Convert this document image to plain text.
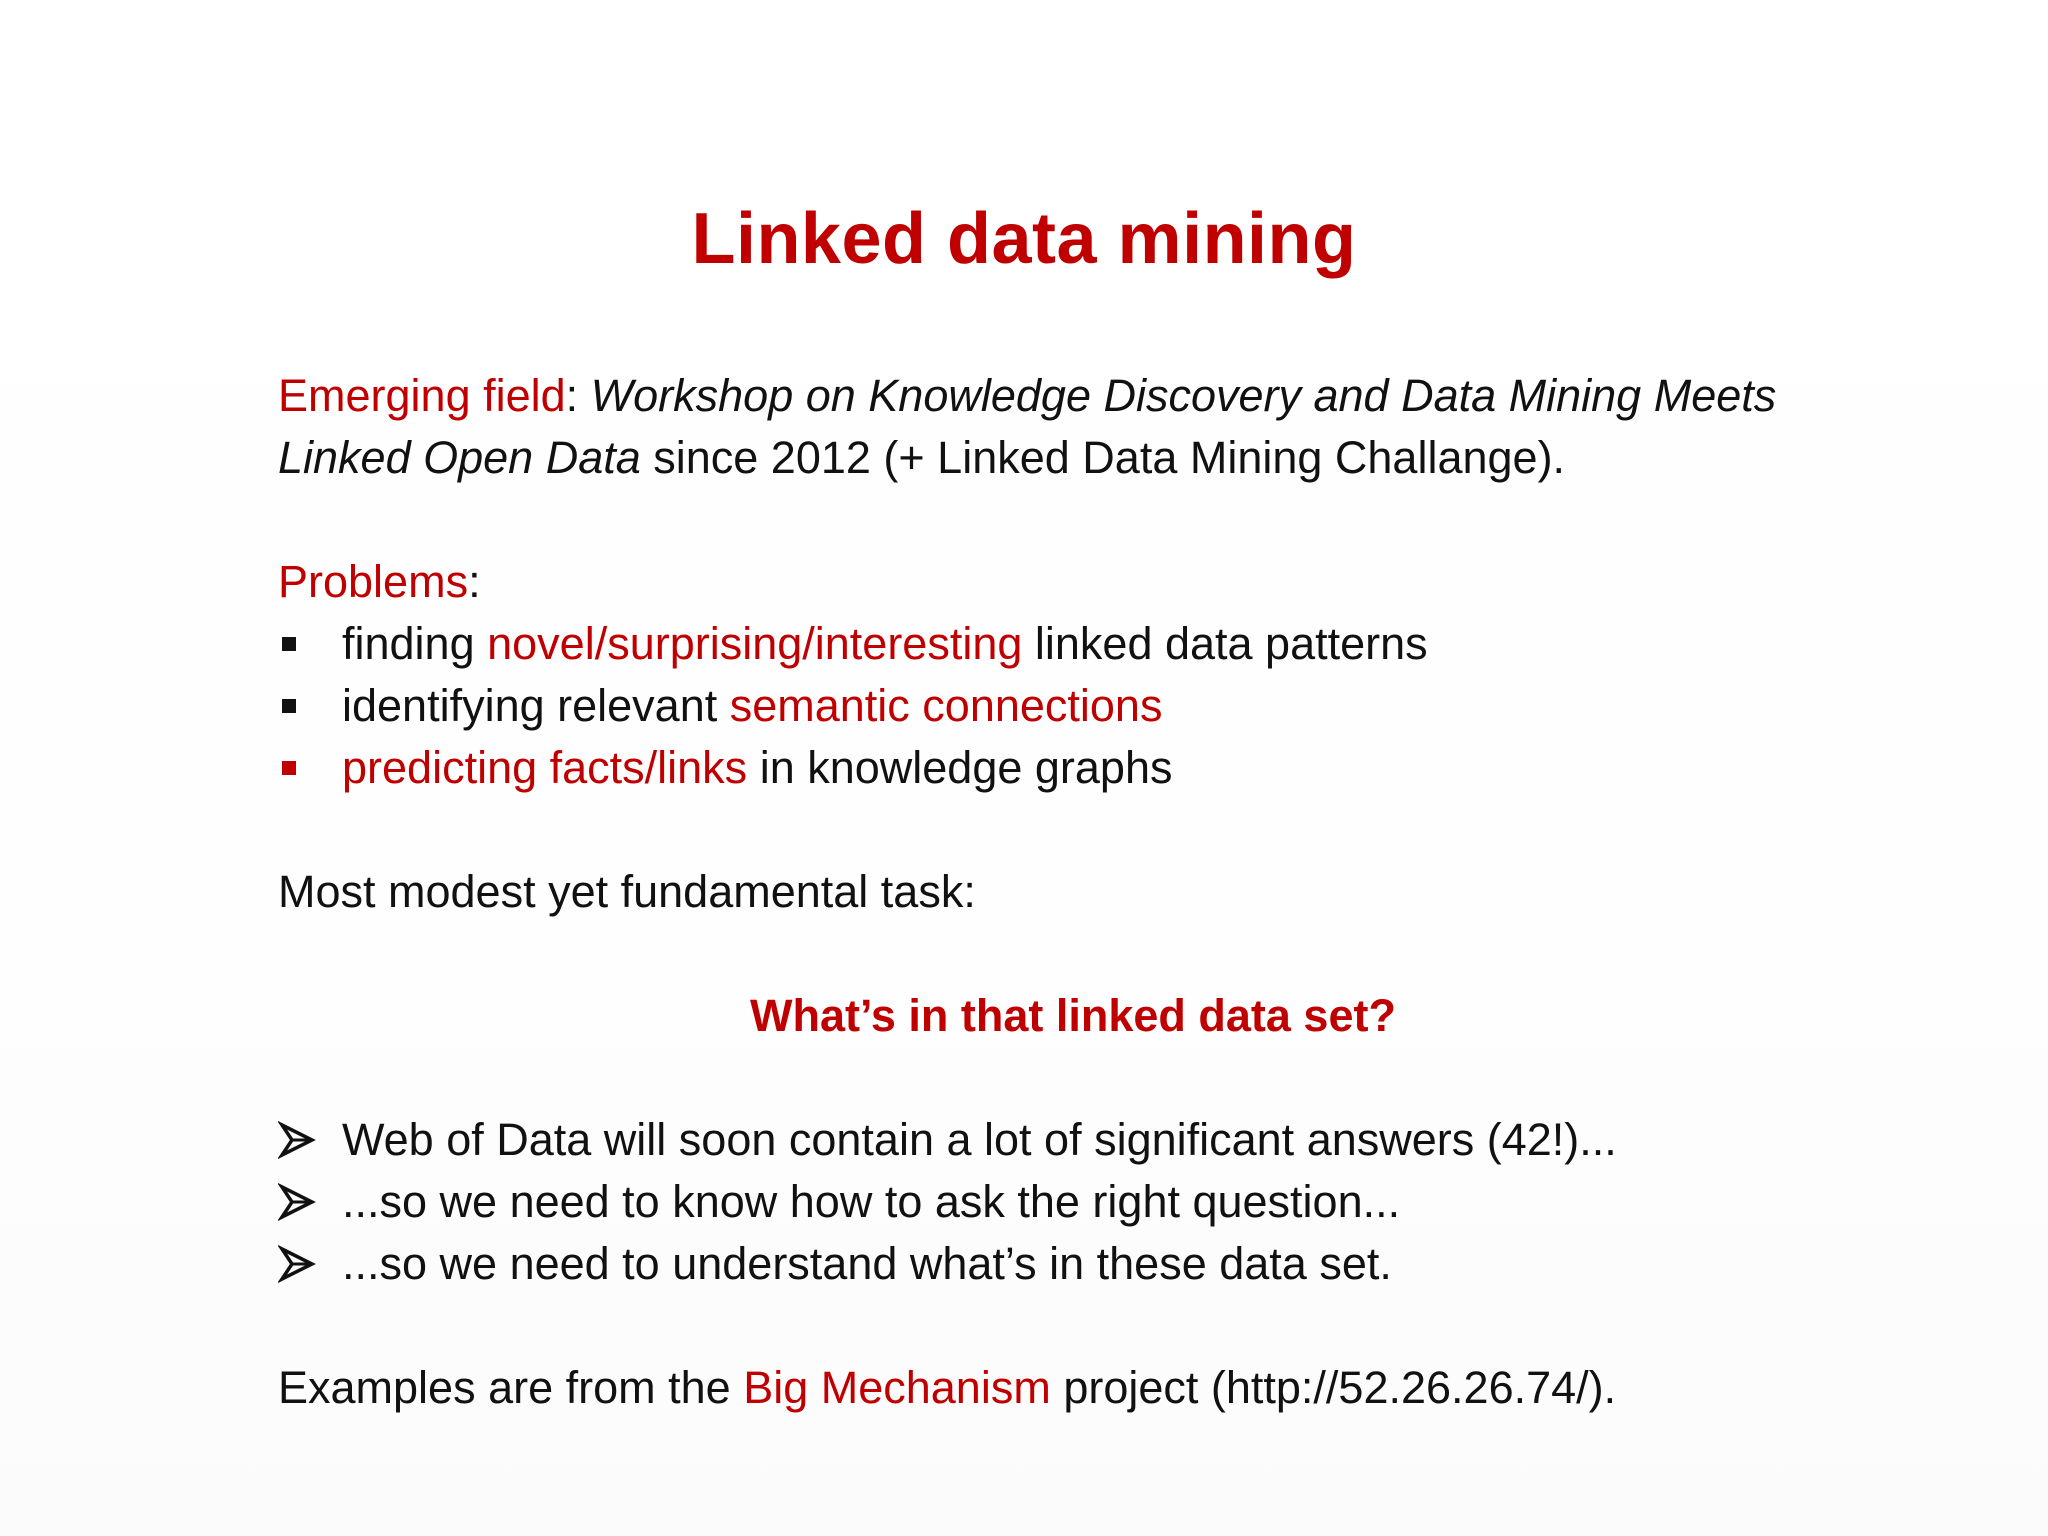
Linked data mining

Emerging field: Workshop on Knowledge Discovery and Data Mining Meets
Linked Open Data since 2012 (+ Linked Data Mining Challange).

Problems:

finding novel/surprising/interesting linked data patterns
identifying relevant semantic connections
predicting facts/links in knowledge graphs

Most modest yet fundamental task:

What’s in that linked data set?

Web of Data will soon contain a lot of significant answers (42!)...
...so we need to know how to ask the right question...
...so we need to understand what’s in these data set.

Examples are from the Big Mechanism project (http://52.26.26.74/).
